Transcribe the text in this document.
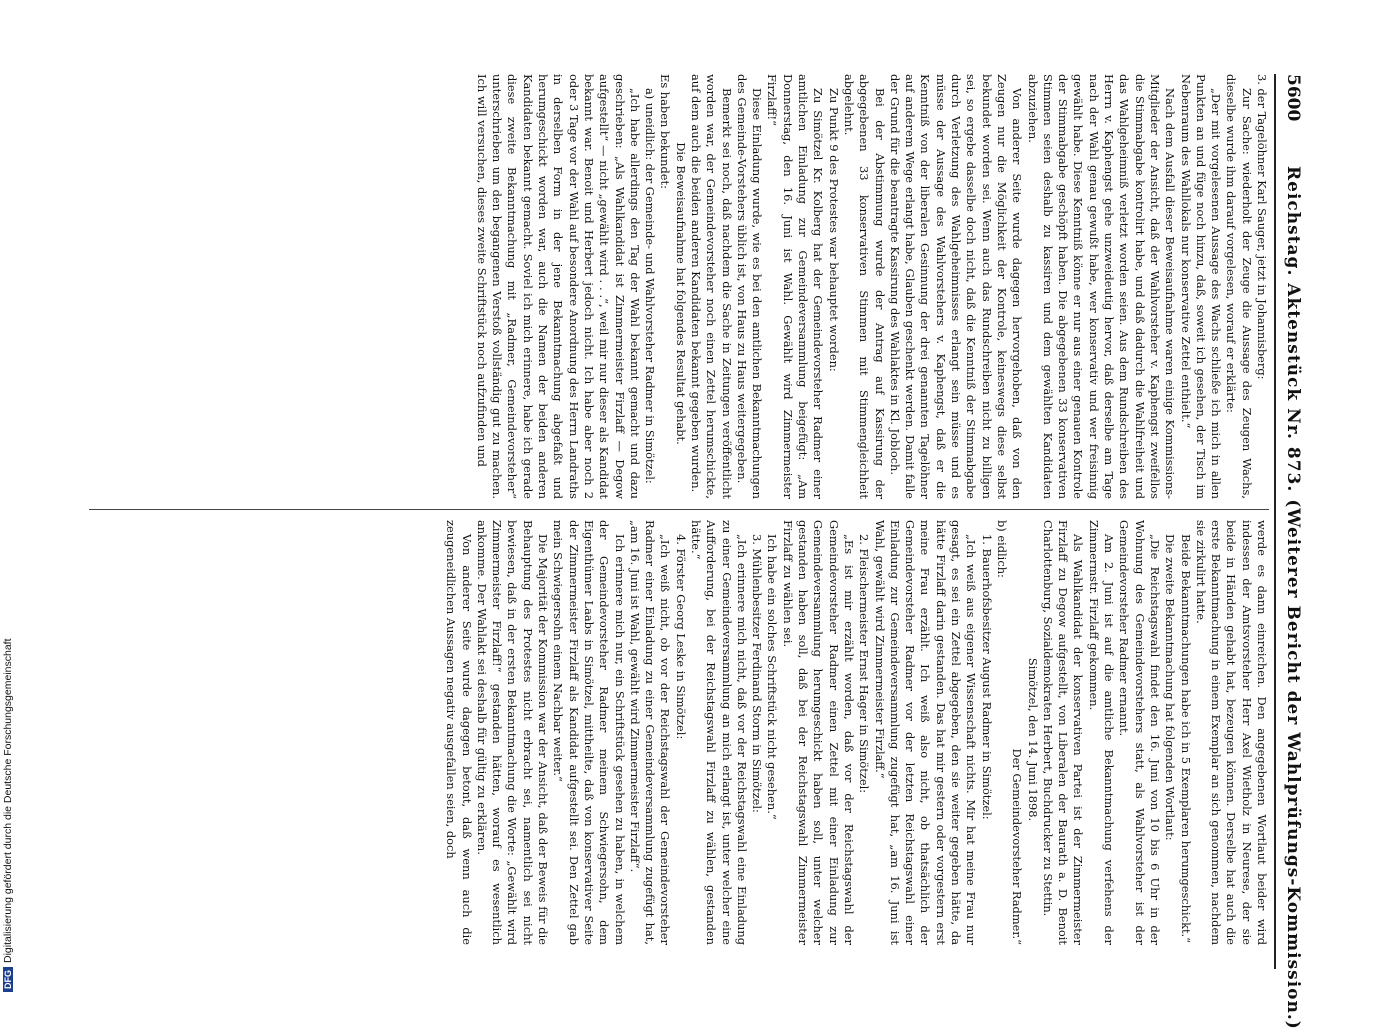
5600
Reichstag. Aktenstück Nr. 873. (Weiterer Bericht der Wahlprüfungs-Kommission.)

3. der Tagelöhner Karl Sauger, jetzt in Johannisberg:

Zur Sache: wiederholt der Zeuge die Aussage des Zeugen Wachs, dieselbe wurde ihm darauf vorgelesen, worauf er erklärte:

„Der mit vorgelesenen Aussage des Wachs schließe ich mich in allen Punkten an und füge noch hinzu, daß, soweit ich gesehen, der Tisch im Nebenraum des Wahllokals nur konservative Zettel enthielt.“

Nach dem Ausfall dieser Beweisaufnahme waren einige Kommissions-Mitglieder der Ansicht, daß der Wahlvorsteher v. Kaphengst zweifellos die Stimmabgabe kontrolirt habe, und daß dadurch die Wahlfreiheit und das Wahlgeheimniß verletzt worden seien. Aus dem Rundschreiben des Herrn v. Kaphengst gehe unzweideutig hervor, daß derselbe am Tage nach der Wahl genau gewußt habe, wer konservativ und wer freisinnig gewählt habe. Diese Kenntniß könne er nur aus einer genauen Kontrole der Stimmabgabe geschöpft haben. Die abgegebenen 33 konservativen Stimmen seien deshalb zu kassiren und dem gewählten Kandidaten abzuziehen.

Von anderer Seite wurde dagegen hervorgehoben, daß von den Zeugen nur die Möglichkeit der Kontrole, keineswegs diese selbst bekundet worden sei. Wenn auch das Rundschreiben nicht zu billigen sei, so ergebe dasselbe doch nicht, daß die Kenntniß der Stimmabgabe durch Verletzung des Wahlgeheimnisses erlangt sein müsse und es müsse der Aussage des Wahlvorstehers v. Kaphengst, daß er die Kenntniß von der liberalen Gesinnung der drei genannten Tagelöhner auf anderem Wege erlangt habe, Glauben geschenkt werden. Damit falle der Grund für die beantragte Kassirung des Wahlaktes in Kl. Jobloch.

Bei der Abstimmung wurde der Antrag auf Kassirung der abgegebenen 33 konservativen Stimmen mit Stimmengleichheit abgelehnt.

Zu Punkt 9 des Protestes war behauptet worden:

Zu Simötzel Kr. Kolberg hat der Gemeindevorsteher Radmer einer amtlichen Einladung zur Gemeindeversammlung beigefügt: „Am Donnerstag, den 16. Juni ist Wahl. Gewählt wird Zimmermeister Firzlaff!“

Diese Einladung wurde, wie es bei den amtlichen Bekanntmachungen des Gemeinde-Vorstehers üblich ist, von Haus zu Haus weitergegeben.

Bemerkt sei noch, daß nachdem die Sache in Zeitungen veröffentlicht worden war, der Gemeindevorsteher noch einen Zettel herumschickte, auf dem auch die beiden anderen Kandidaten bekannt gegeben wurden.

Die Beweisaufnahme hat folgendes Resultat gehabt.

Es haben bekundet:

a) uneidlich: der Gemeinde- und Wahlvorsteher Radmer in Simötzel:

„Ich habe allerdings den Tag der Wahl bekannt gemacht und dazu geschrieben: „Als Wahlkandidat ist Zimmermeister Firzlaff — Degow aufgestellt“ — nicht „gewählt wird . . .“, weil mir nur dieser als Kandidat bekannt war. Benoit und Herbert jedoch nicht. Ich habe aber noch 2 oder 3 Tage vor der Wahl auf besondere Anordnung des Herrn Landraths in derselben Form in der jene Bekanntmachung abgefaßt und herumgeschickt worden war, auch die Namen der beiden anderen Kandidaten bekannt gemacht. Soviel ich mich erinnere, habe ich gerade diese zweite Bekanntmachung mit „Radmer, Gemeindevorsteher“ unterschrieben um den begangenen Verstoß vollständig gut zu machen. Ich will versuchen, dieses zweite Schriftstück noch aufzufinden und

werde es dann einreichen. Den angegebenen Wortlaut beider wird indessen der Amtsvorsteher Herr Axel Wietholz in Neurese, der sie beide in Händen gehabt hat, bezeugen können. Derselbe hat auch die erste Bekanntmachung in einem Exemplar an sich genommen, nachdem sie zirkulirt hatte.

Beide Bekanntmachungen habe ich in 5 Exemplaren herumgeschickt.“

Die zweite Bekanntmachung hat folgenden Wortlaut:

„Die Reichstagswahl findet den 16. Juni von 10 bis 6 Uhr in der Wohnung des Gemeindevorstehers statt, als Wahlvorsteher ist der Gemeindevorsteher Radmer ernannt.

Am 2. Juni ist auf die amtliche Bekanntmachung verfehens der Zimmermstr. Firzlaff gekommen.

Als Wahlkandidat der konservativen Partei ist der Zimmermeister Firzlaff zu Degow aufgestellt, von Liberalen der Baurath a. D. Benoit Charlottenburg, Sozialdemokraten Herbert, Buchdrucker zu Stettin.

Simötzel, den 14. Juni 1898.

Der Gemeindevorsteher Radmer.“

b) eidlich:

1. Bauerhofsbesitzer August Radmer in Simötzel:

„Ich weiß aus eigener Wissenschaft nichts. Mir hat meine Frau nur gesagt, es sei ein Zettel abgegeben, den sie weiter gegeben hätte, da hätte Firzlaff darin gestanden. Das hat mir gestern oder vorgestern erst meine Frau erzählt. Ich weiß also nicht, ob thatsächlich der Gemeindevorsteher Radmer vor der letzten Reichstagswahl einer Einladung zur Gemeindeversammlung zugefügt hat, „am 16. Juni ist Wahl, gewählt wird Zimmermeister Firzlaff.“

2. Fleischermeister Ernst Hager in Simötzel:

„Es ist mir erzählt worden, daß vor der Reichstagswahl der Gemeindevorsteher Radmer einen Zettel mit einer Einladung zur Gemeindeversammlung herumgeschickt haben soll, unter welcher gestanden haben soll, daß bei der Reichstagswahl Zimmermeister Firzlaff zu wählen sei.

Ich habe ein solches Schriftstück nicht gesehen.“

3. Mühlenbesitzer Ferdinand Storm in Simötzel:

„Ich erinnere mich nicht, daß vor der Reichstagswahl eine Einladung zu einer Gemeindeversammlung an mich erlangt ist, unter welcher eine Aufforderung, bei der Reichstagswahl Firzlaff zu wählen, gestanden hätte.“

4. Förster Georg Leske in Simötzel:

„Ich weiß nicht, ob vor der Reichstagswahl der Gemeindevorsteher Radmer einer Einladung zu einer Gemeindeversammlung zugefügt hat, „am 16. Juni ist Wahl, gewählt wird Zimmermeister Firzlaff“.

Ich erinnere mich nur, ein Schriftstück gesehen zu haben, in welchem der Gemeindevorsteher Radmer meinem Schwiegersohn, dem Eigenthümer Laabs in Simötzel, mittheilte, daß von konservativer Seite der Zimmermeister Firzlaff als Kandidat aufgestellt sei. Den Zettel gab mein Schwiegersohn einem Nachbar weiter.“

Die Majorität der Kommission war der Ansicht, daß der Beweis für die Behauptung des Protestes nicht erbracht sei, namentlich sei nicht bewiesen, daß in der ersten Bekanntmachung die Worte: „Gewählt wird Zimmermeister Firzlaff!“ gestanden hätten, worauf es wesentlich ankomme. Der Wahlakt sei deshalb für gültig zu erklären.

Von anderer Seite wurde dagegen betont, daß wenn auch die zeugeneidlichen Aussagen negativ ausgefallen seien, doch

DFGDigitalisierung gefördert durch die Deutsche Forschungsgemeinschaft
